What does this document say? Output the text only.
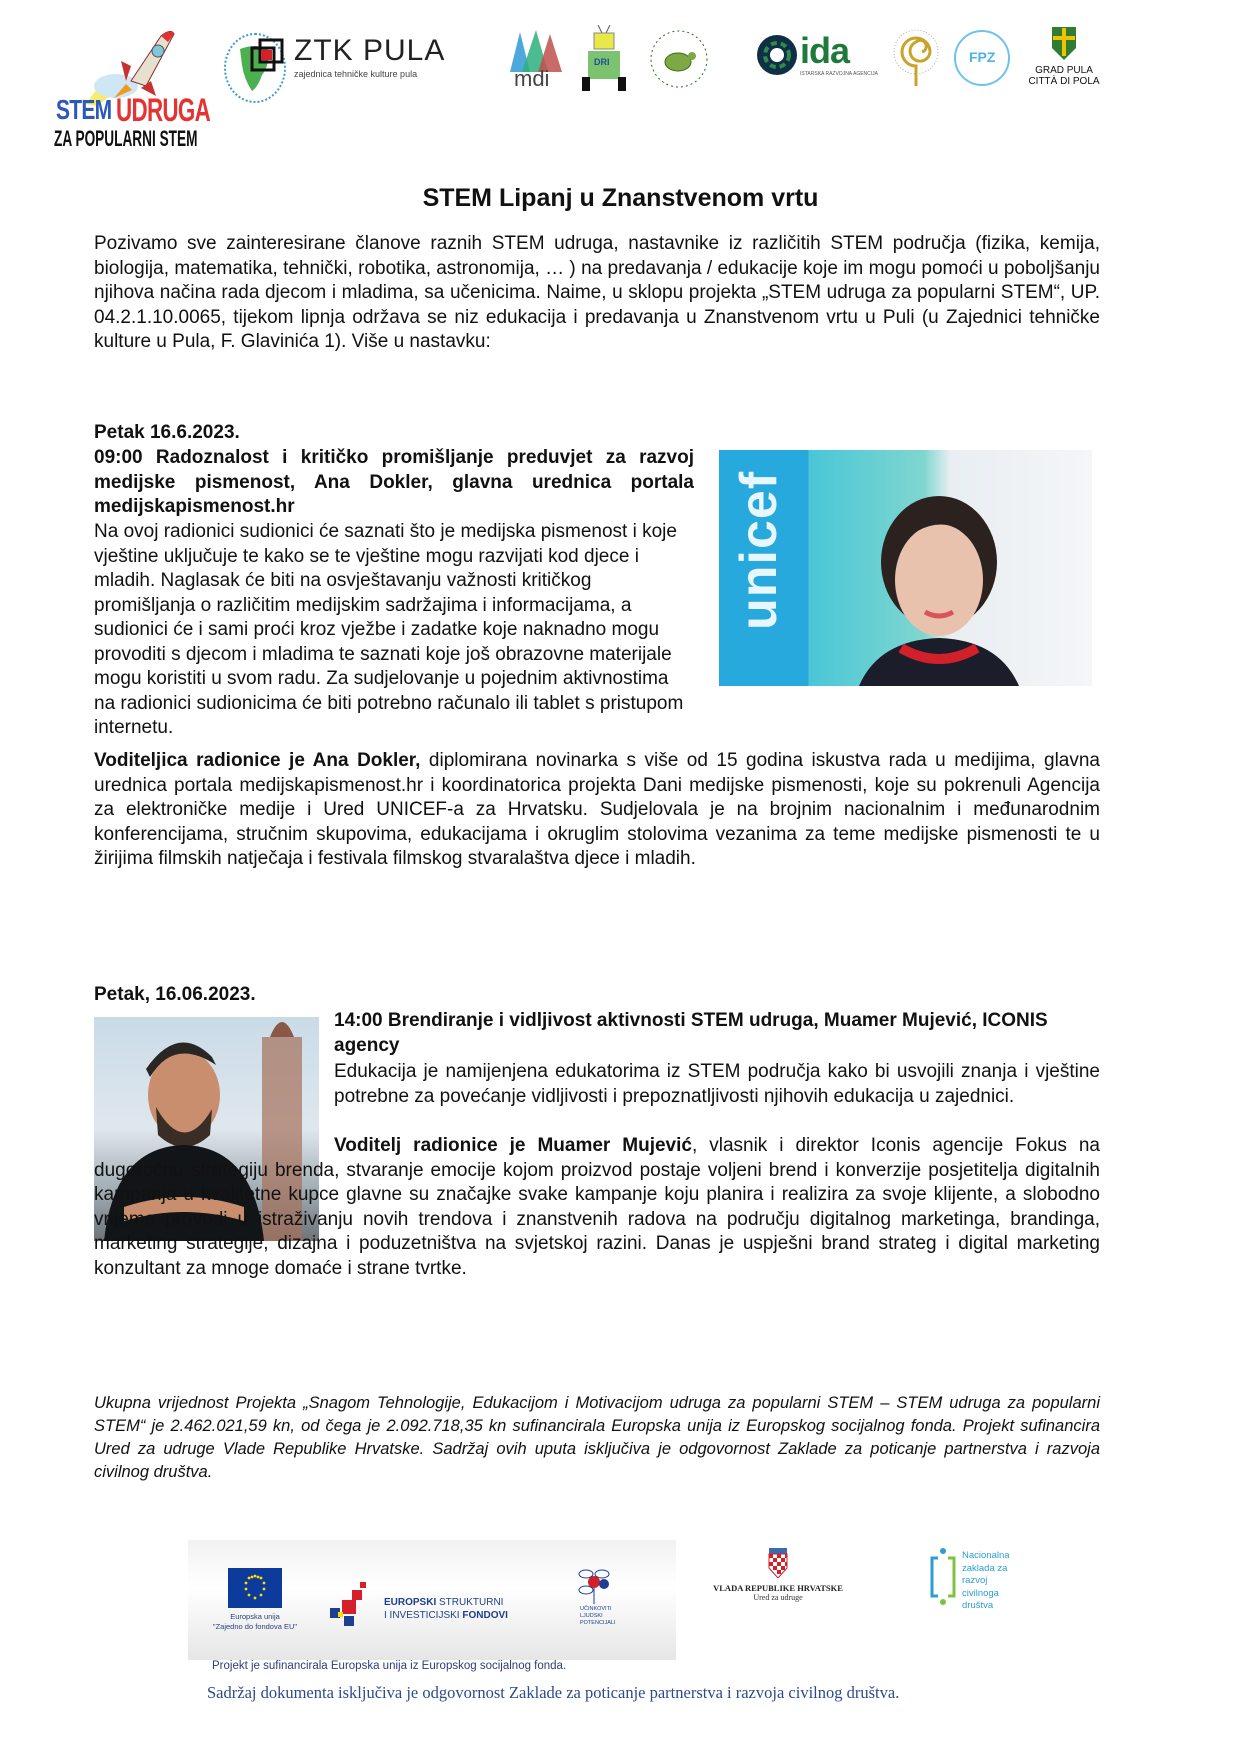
STEM UDRUGA
ZA POPULARNI STEM
ZTK PULA
zajednica tehničke kulture pula	mdi
DRI	ida
ISTARSKA RAZVOJNA AGENCIJA
FPZ
GRAD PULA
CITTÀ DI POLA
STEM Lipanj u Znanstvenom vrtu
Pozivamo sve zainteresirane članove raznih STEM udruga, nastavnike iz različitih STEM područja (fizika, kemija, biologija, matematika, tehnički, robotika, astronomija, … ) na predavanja / edukacije koje im mogu pomoći u poboljšanju njihova načina rada djecom i mladima, sa učenicima. Naime, u sklopu projekta „STEM udruga za popularni STEM“, UP. 04.2.1.10.0065, tijekom lipnja održava se niz edukacija i predavanja u Znanstvenom vrtu u Puli (u Zajednici tehničke kulture u Pula, F. Glavinića 1). Više u nastavku:
Petak 16.6.2023.
09:00 Radoznalost i kritičko promišljanje preduvjet za razvoj medijske pismenost, Ana Dokler, glavna urednica portala medijskapismenost.hr	unicef
Na ovoj radionici sudionici će saznati što je medijska pismenost i koje vještine uključuje te kako se te vještine mogu razvijati kod djece i mladih. Naglasak će biti na osvještavanju važnosti kritičkog promišljanja o različitim medijskim sadržajima i informacijama, a sudionici će i sami proći kroz vježbe i zadatke koje naknadno mogu provoditi s djecom i mladima te saznati koje još obrazovne materijale mogu koristiti u svom radu. Za sudjelovanje u pojednim aktivnostima na radionici sudionicima će biti potrebno računalo ili tablet s pristupom internetu.
Voditeljica radionice je Ana Dokler, diplomirana novinarka s više od 15 godina iskustva rada u medijima, glavna urednica portala medijskapismenost.hr i koordinatorica projekta Dani medijske pismenosti, koje su pokrenuli Agencija za elektroničke medije i Ured UNICEF-a za Hrvatsku. Sudjelovala je na brojnim nacionalnim i međunarodnim konferencijama, stručnim skupovima, edukacijama i okruglim stolovima vezanima za teme medijske pismenosti te u žirijima filmskih natječaja i festivala filmskog stvaralaštva djece i mladih.
Petak, 16.06.2023.
14:00 Brendiranje i vidljivost aktivnosti STEM udruga, Muamer Mujević, ICONIS agency
Edukacija je namijenjena edukatorima iz STEM područja kako bi usvojili znanja i vještine potrebne za povećanje vidljivosti i prepoznatljivosti njihovih edukacija u zajednici.
Voditelj radionice je Muamer Mujević, vlasnik i direktor Iconis agencije Fokus na dugoročnu strategiju brenda, stvaranje emocije kojom proizvod postaje voljeni brend i konverzije posjetitelja digitalnih kampanja u kvalitetne kupce glavne su značajke svake kampanje koju planira i realizira za svoje klijente, a slobodno vrijeme provodi u istraživanju novih trendova i znanstvenih radova na području digitalnog marketinga, brandinga, marketing strategije, dizajna i poduzetništva na svjetskoj razini. Danas je uspješni brand strateg i digital marketing konzultant za mnoge domaće i strane tvrtke.
Ukupna vrijednost Projekta „Snagom Tehnologije, Edukacijom i Motivacijom udruga za popularni STEM – STEM udruga za popularni STEM“ je 2.462.021,59 kn, od čega je 2.092.718,35 kn sufinancirala Europska unija iz Europskog socijalnog fonda. Projekt sufinancira Ured za udruge Vlade Republike Hrvatske. Sadržaj ovih uputa isključiva je odgovornost Zaklade za poticanje partnerstva i razvoja civilnog društva.
Europska unija
"Zajedno do fondova EU"
EUROPSKI STRUKTURNI
I INVESTICIJSKI FONDOVI
UČINKOVITI
LJUDSKI
POTENCIJALI
Projekt je sufinancirala Europska unija iz Europskog socijalnog fonda.
VLADA REPUBLIKE HRVATSKE
Ured za udruge
Nacionalna
zaklada za
razvoj
civilnoga
društva
Sadržaj dokumenta isključiva je odgovornost Zaklade za poticanje partnerstva i razvoja civilnog društva.
